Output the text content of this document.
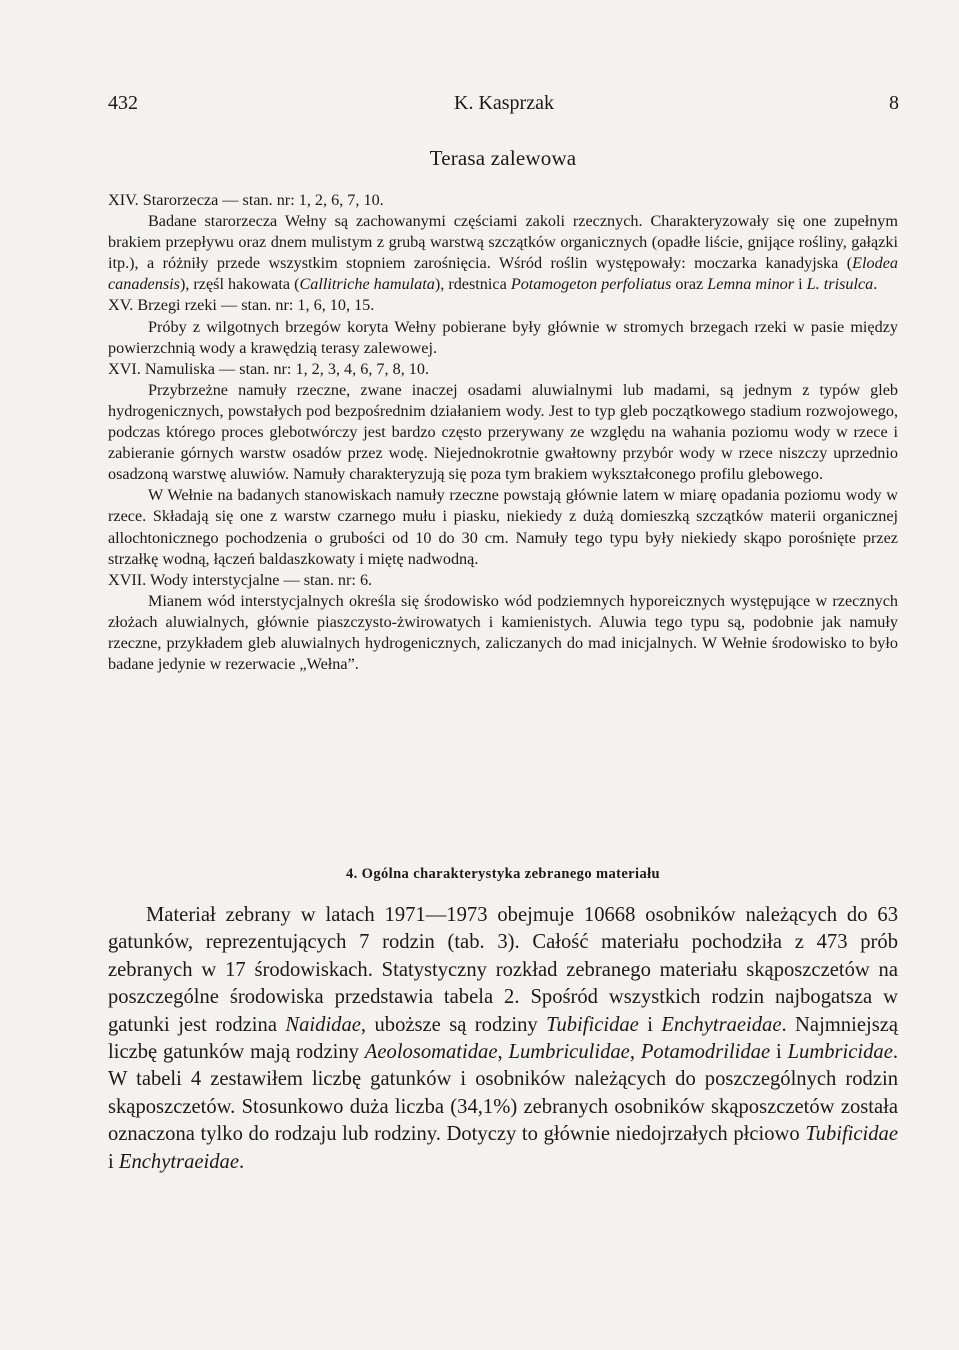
432	K. Kasprzak	8
Terasa zalewowa

XIV. Starorzecza — stan. nr: 1, 2, 6, 7, 10.

Badane starorzecza Wełny są zachowanymi częściami zakoli rzecznych. Charakteryzowały się one zupełnym brakiem przepływu oraz dnem mulistym z grubą warstwą szczątków organicznych (opadłe liście, gnijące rośliny, gałązki itp.), a różniły przede wszystkim stopniem zarośnięcia. Wśród roślin występowały: moczarka kanadyjska (Elodea canadensis), rzęśl hakowata (Callitriche hamulata), rdestnica Potamogeton perfoliatus oraz Lemna minor i L. trisulca.

XV. Brzegi rzeki — stan. nr: 1, 6, 10, 15.

Próby z wilgotnych brzegów koryta Wełny pobierane były głównie w stromych brzegach rzeki w pasie między powierzchnią wody a krawędzią terasy zalewowej.

XVI. Namuliska — stan. nr: 1, 2, 3, 4, 6, 7, 8, 10.

Przybrzeżne namuły rzeczne, zwane inaczej osadami aluwialnymi lub madami, są jednym z typów gleb hydrogenicznych, powstałych pod bezpośrednim działaniem wody. Jest to typ gleb początkowego stadium rozwojowego, podczas którego proces glebotwórczy jest bardzo często przerywany ze względu na wahania poziomu wody w rzece i zabieranie górnych warstw osadów przez wodę. Niejednokrotnie gwałtowny przybór wody w rzece niszczy uprzednio osadzoną warstwę aluwiów. Namuły charakteryzują się poza tym brakiem wykształconego profilu glebowego.

W Wełnie na badanych stanowiskach namuły rzeczne powstają głównie latem w miarę opadania poziomu wody w rzece. Składają się one z warstw czarnego mułu i piasku, niekiedy z dużą domieszką szczątków materii organicznej allochtonicznego pochodzenia o grubości od 10 do 30 cm. Namuły tego typu były niekiedy skąpo porośnięte przez strzałkę wodną, łączeń baldaszkowaty i miętę nadwodną.

XVII. Wody interstycjalne — stan. nr: 6.

Mianem wód interstycjalnych określa się środowisko wód podziemnych hyporeicznych występujące w rzecznych złożach aluwialnych, głównie piaszczysto-żwirowatych i kamienistych. Aluwia tego typu są, podobnie jak namuły rzeczne, przykładem gleb aluwialnych hydrogenicznych, zaliczanych do mad inicjalnych. W Wełnie środowisko to było badane jedynie w rezerwacie „Wełna”.

4. Ogólna charakterystyka zebranego materiału

Materiał zebrany w latach 1971—1973 obejmuje 10668 osobników należących do 63 gatunków, reprezentujących 7 rodzin (tab. 3). Całość materiału pochodziła z 473 prób zebranych w 17 środowiskach. Statystyczny rozkład zebranego materiału skąposzczetów na poszczególne środowiska przedstawia tabela 2. Spośród wszystkich rodzin najbogatsza w gatunki jest rodzina Naididae, uboższe są rodziny Tubificidae i Enchytraeidae. Najmniejszą liczbę gatunków mają rodziny Aeolosomatidae, Lumbriculidae, Potamodrilidae i Lumbricidae. W tabeli 4 zestawiłem liczbę gatunków i osobników należących do poszczególnych rodzin skąposzczetów. Stosunkowo duża liczba (34,1%) zebranych osobników skąposzczetów została oznaczona tylko do rodzaju lub rodziny. Dotyczy to głównie niedojrzałych płciowo Tubificidae i Enchytraeidae.
